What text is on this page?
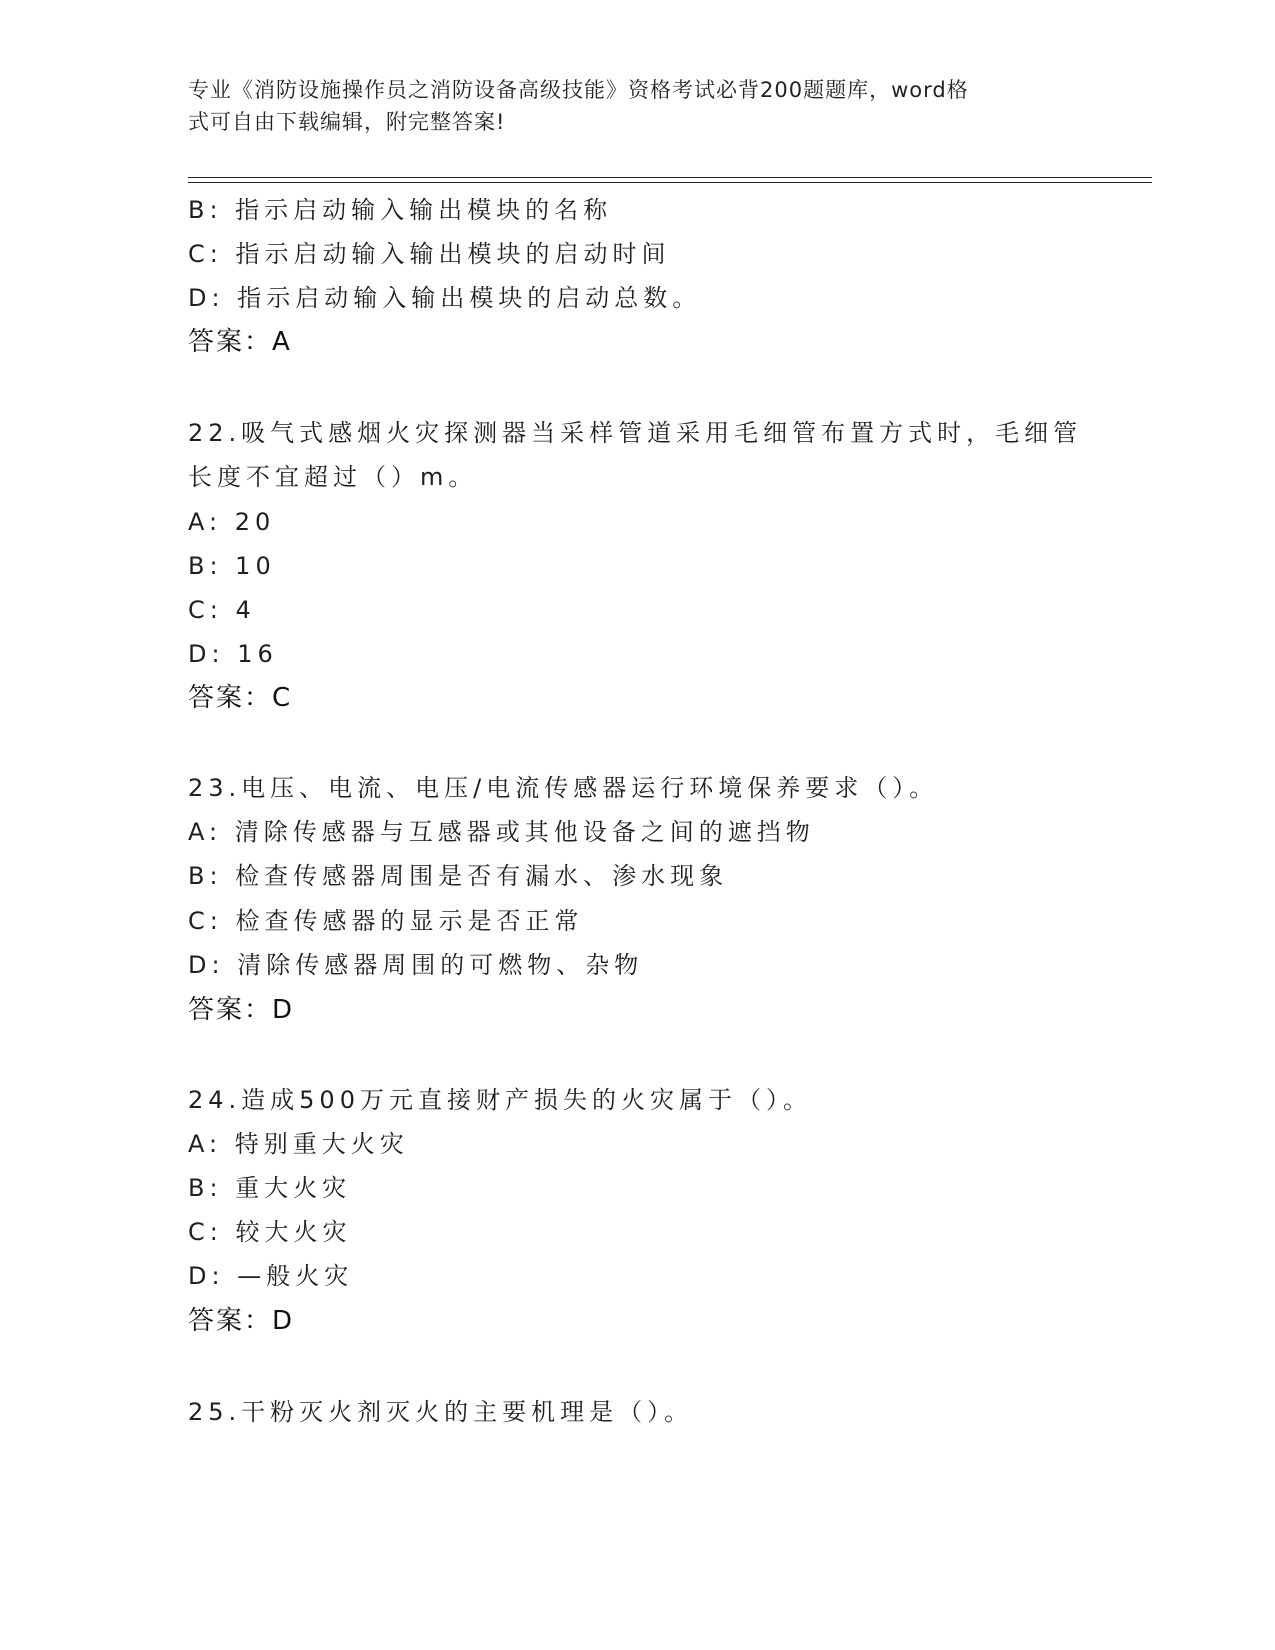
专业《消防设施操作员之消防设备高级技能》资格考试必背200题题库，word格
式可自由下载编辑，附完整答案!
B: 指示启动输入输出模块的名称
C: 指示启动输入输出模块的启动时间
D: 指示启动输入输出模块的启动总数。
答案：A
22.吸气式感烟火灾探测器当采样管道采用毛细管布置方式时，毛细管
长度不宜超过（）m。
A: 20
B: 10
C: 4
D: 16
答案：C
23.电压、电流、电压/电流传感器运行环境保养要求（）。
A: 清除传感器与互感器或其他设备之间的遮挡物
B: 检查传感器周围是否有漏水、渗水现象
C: 检查传感器的显示是否正常
D: 清除传感器周围的可燃物、杂物
答案：D
24.造成500万元直接财产损失的火灾属于（）。
A: 特别重大火灾
B: 重大火灾
C: 较大火灾
D: —般火灾
答案：D
25.干粉灭火剂灭火的主要机理是（）。
